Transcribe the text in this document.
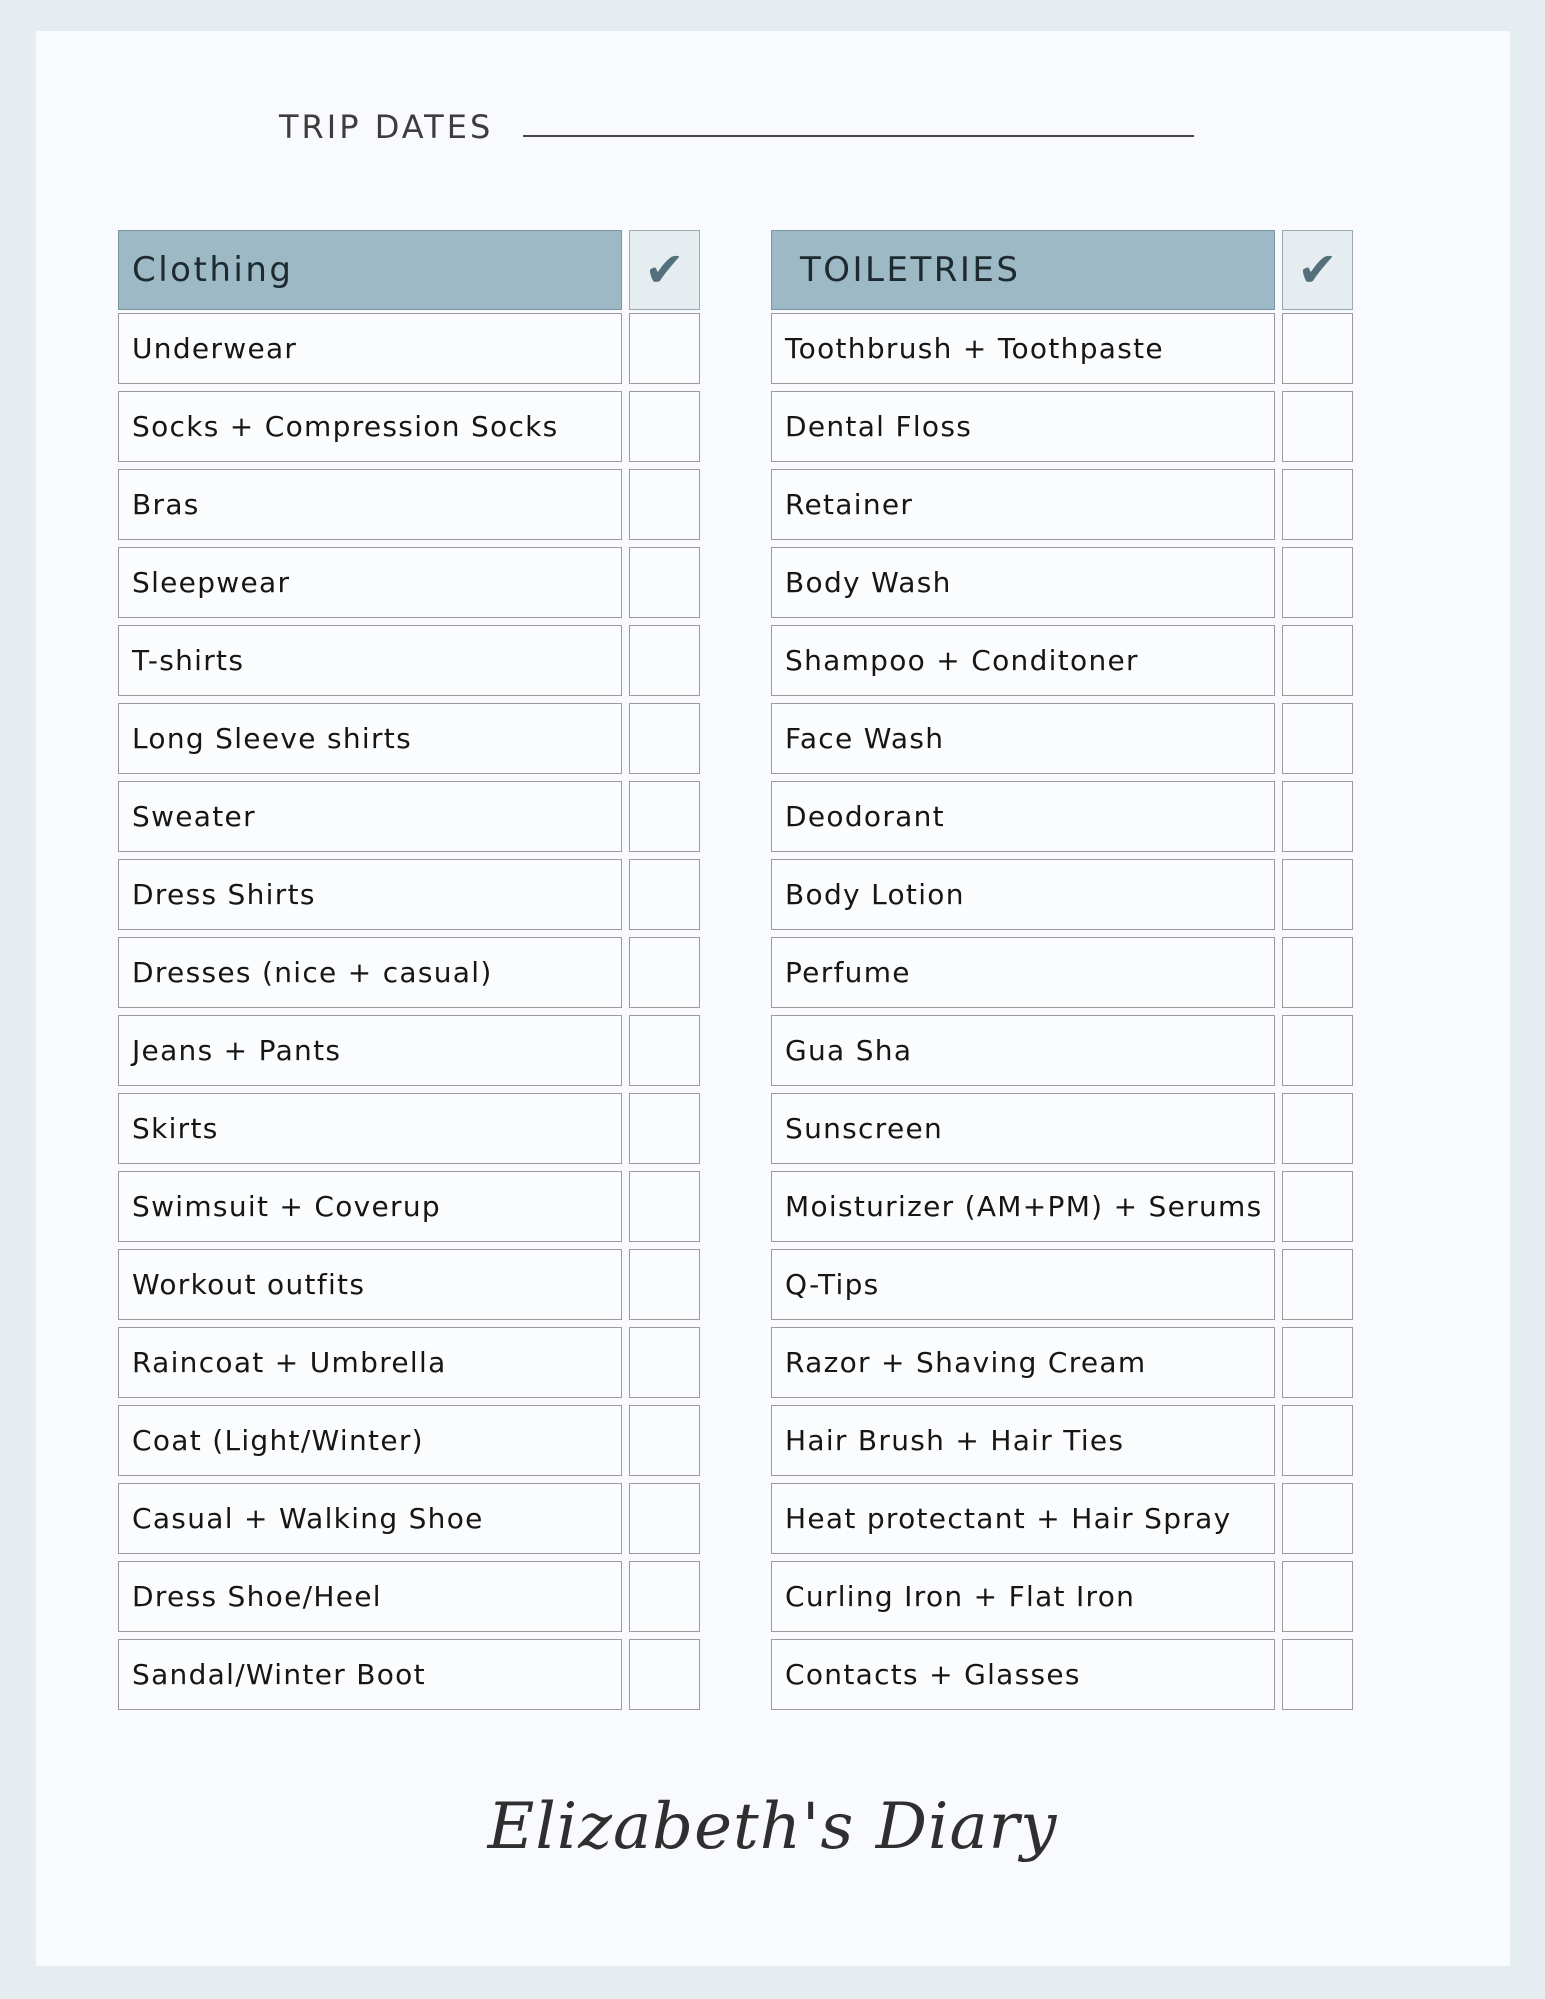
TRIP DATES
Clothing	✔
Underwear
Socks + Compression Socks
Bras
Sleepwear
T-shirts
Long Sleeve shirts
Sweater
Dress Shirts
Dresses (nice + casual)
Jeans + Pants
Skirts
Swimsuit + Coverup
Workout outfits
Raincoat + Umbrella
Coat (Light/Winter)
Casual + Walking Shoe
Dress Shoe/Heel
Sandal/Winter Boot
TOILETRIES	✔
Toothbrush + Toothpaste
Dental Floss
Retainer
Body Wash
Shampoo + Conditoner
Face Wash
Deodorant
Body Lotion
Perfume
Gua Sha
Sunscreen
Moisturizer (AM+PM) + Serums
Q-Tips
Razor + Shaving Cream
Hair Brush + Hair Ties
Heat protectant + Hair Spray
Curling Iron + Flat Iron
Contacts + Glasses
Elizabeth's Diary
